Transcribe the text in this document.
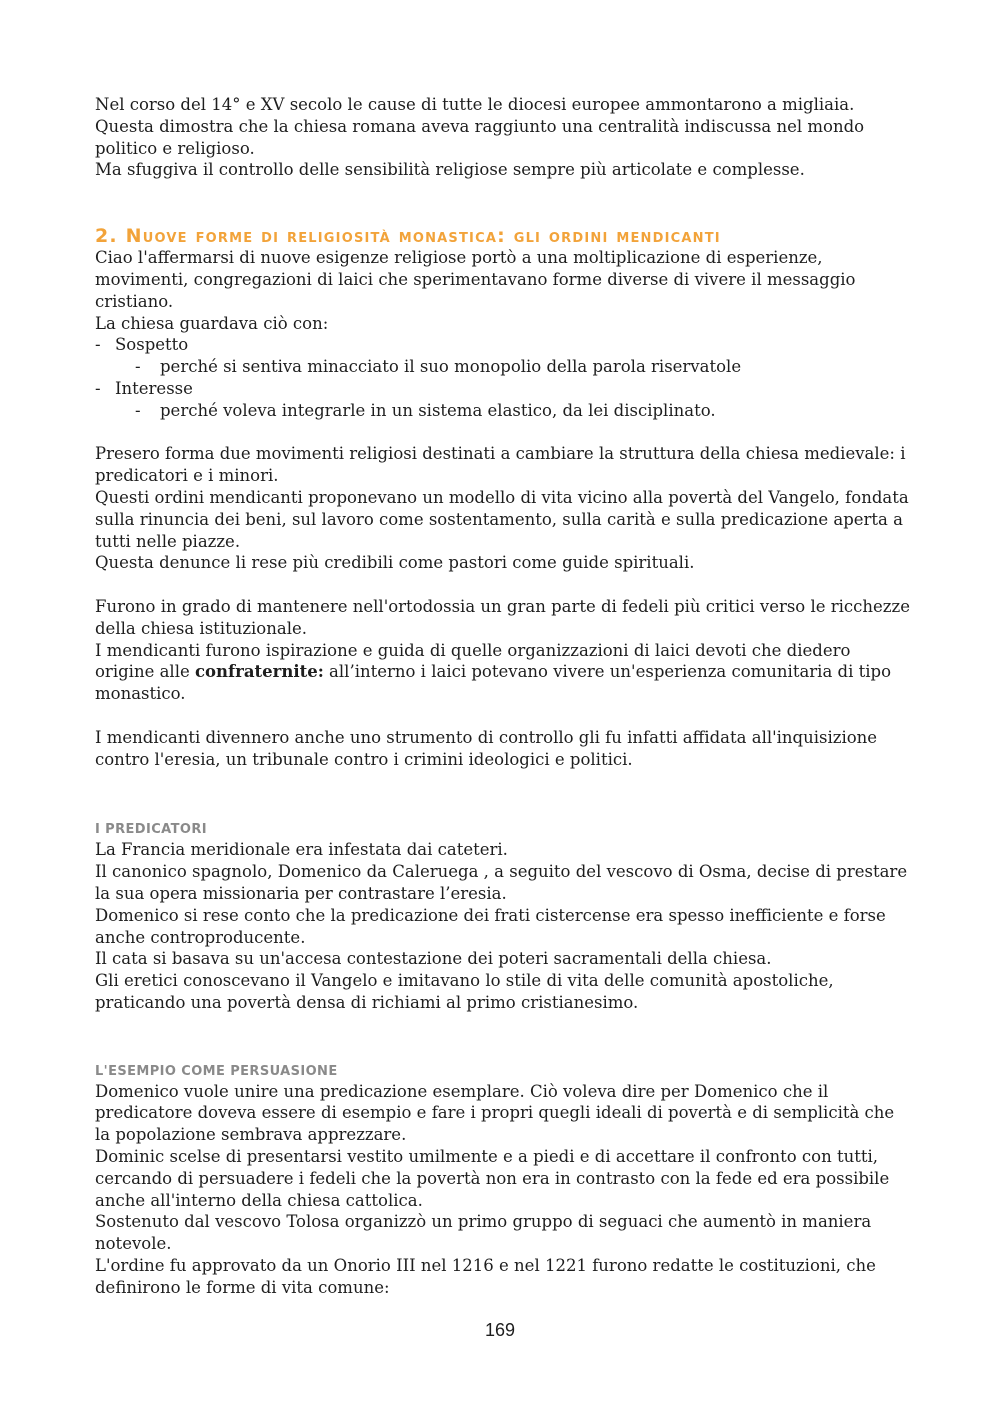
Nel corso del 14° e XV secolo le cause di tutte le diocesi europee ammontarono a migliaia.

Questa dimostra che la chiesa romana aveva raggiunto una centralità indiscussa nel mondo politico e religioso.

Ma sfuggiva il controllo delle sensibilità religiose sempre più articolate e complesse.

2. Nuove forme di religiosità monastica: gli ordini mendicanti

Ciao l'affermarsi di nuove esigenze religiose portò a una moltiplicazione di esperienze, movimenti, congregazioni di laici che sperimentavano forme diverse di vivere il messaggio cristiano.

La chiesa guardava ciò con:

- Sospetto
- perché si sentiva minacciato il suo monopolio della parola riservatole
- Interesse
- perché voleva integrarle in un sistema elastico, da lei disciplinato.

Presero forma due movimenti religiosi destinati a cambiare la struttura della chiesa medievale: i predicatori e i minori.

Questi ordini mendicanti proponevano un modello di vita vicino alla povertà del Vangelo, fondata sulla rinuncia dei beni, sul lavoro come sostentamento, sulla carità e sulla predicazione aperta a tutti nelle piazze.

Questa denunce li rese più credibili come pastori come guide spirituali.

Furono in grado di mantenere nell'ortodossia un gran parte di fedeli più critici verso le ricchezze della chiesa istituzionale.

I mendicanti furono ispirazione e guida di quelle organizzazioni di laici devoti che diedero origine alle confraternite: all’interno i laici potevano vivere un'esperienza comunitaria di tipo monastico.

I mendicanti divennero anche uno strumento di controllo gli fu infatti affidata all'inquisizione contro l'eresia, un tribunale contro i crimini ideologici e politici.

I PREDICATORI

La Francia meridionale era infestata dai cateteri.

Il canonico spagnolo, Domenico da Caleruega , a seguito del vescovo di Osma, decise di prestare la sua opera missionaria per contrastare l’eresia.

Domenico si rese conto che la predicazione dei frati cistercense era spesso inefficiente e forse anche controproducente.

Il cata si basava su un'accesa contestazione dei poteri sacramentali della chiesa.

Gli eretici conoscevano il Vangelo e imitavano lo stile di vita delle comunità apostoliche, praticando una povertà densa di richiami al primo cristianesimo.

L'ESEMPIO COME PERSUASIONE

Domenico vuole unire una predicazione esemplare. Ciò voleva dire per Domenico che il predicatore doveva essere di esempio e fare i propri quegli ideali di povertà e di semplicità che la popolazione sembrava apprezzare.

Dominic scelse di presentarsi vestito umilmente e a piedi e di accettare il confronto con tutti, cercando di persuadere i fedeli che la povertà non era in contrasto con la fede ed era possibile anche all'interno della chiesa cattolica.

Sostenuto dal vescovo Tolosa organizzò un primo gruppo di seguaci che aumentò in maniera notevole.

L'ordine fu approvato da un Onorio III nel 1216 e nel 1221 furono redatte le costituzioni, che definirono le forme di vita comune:

169
